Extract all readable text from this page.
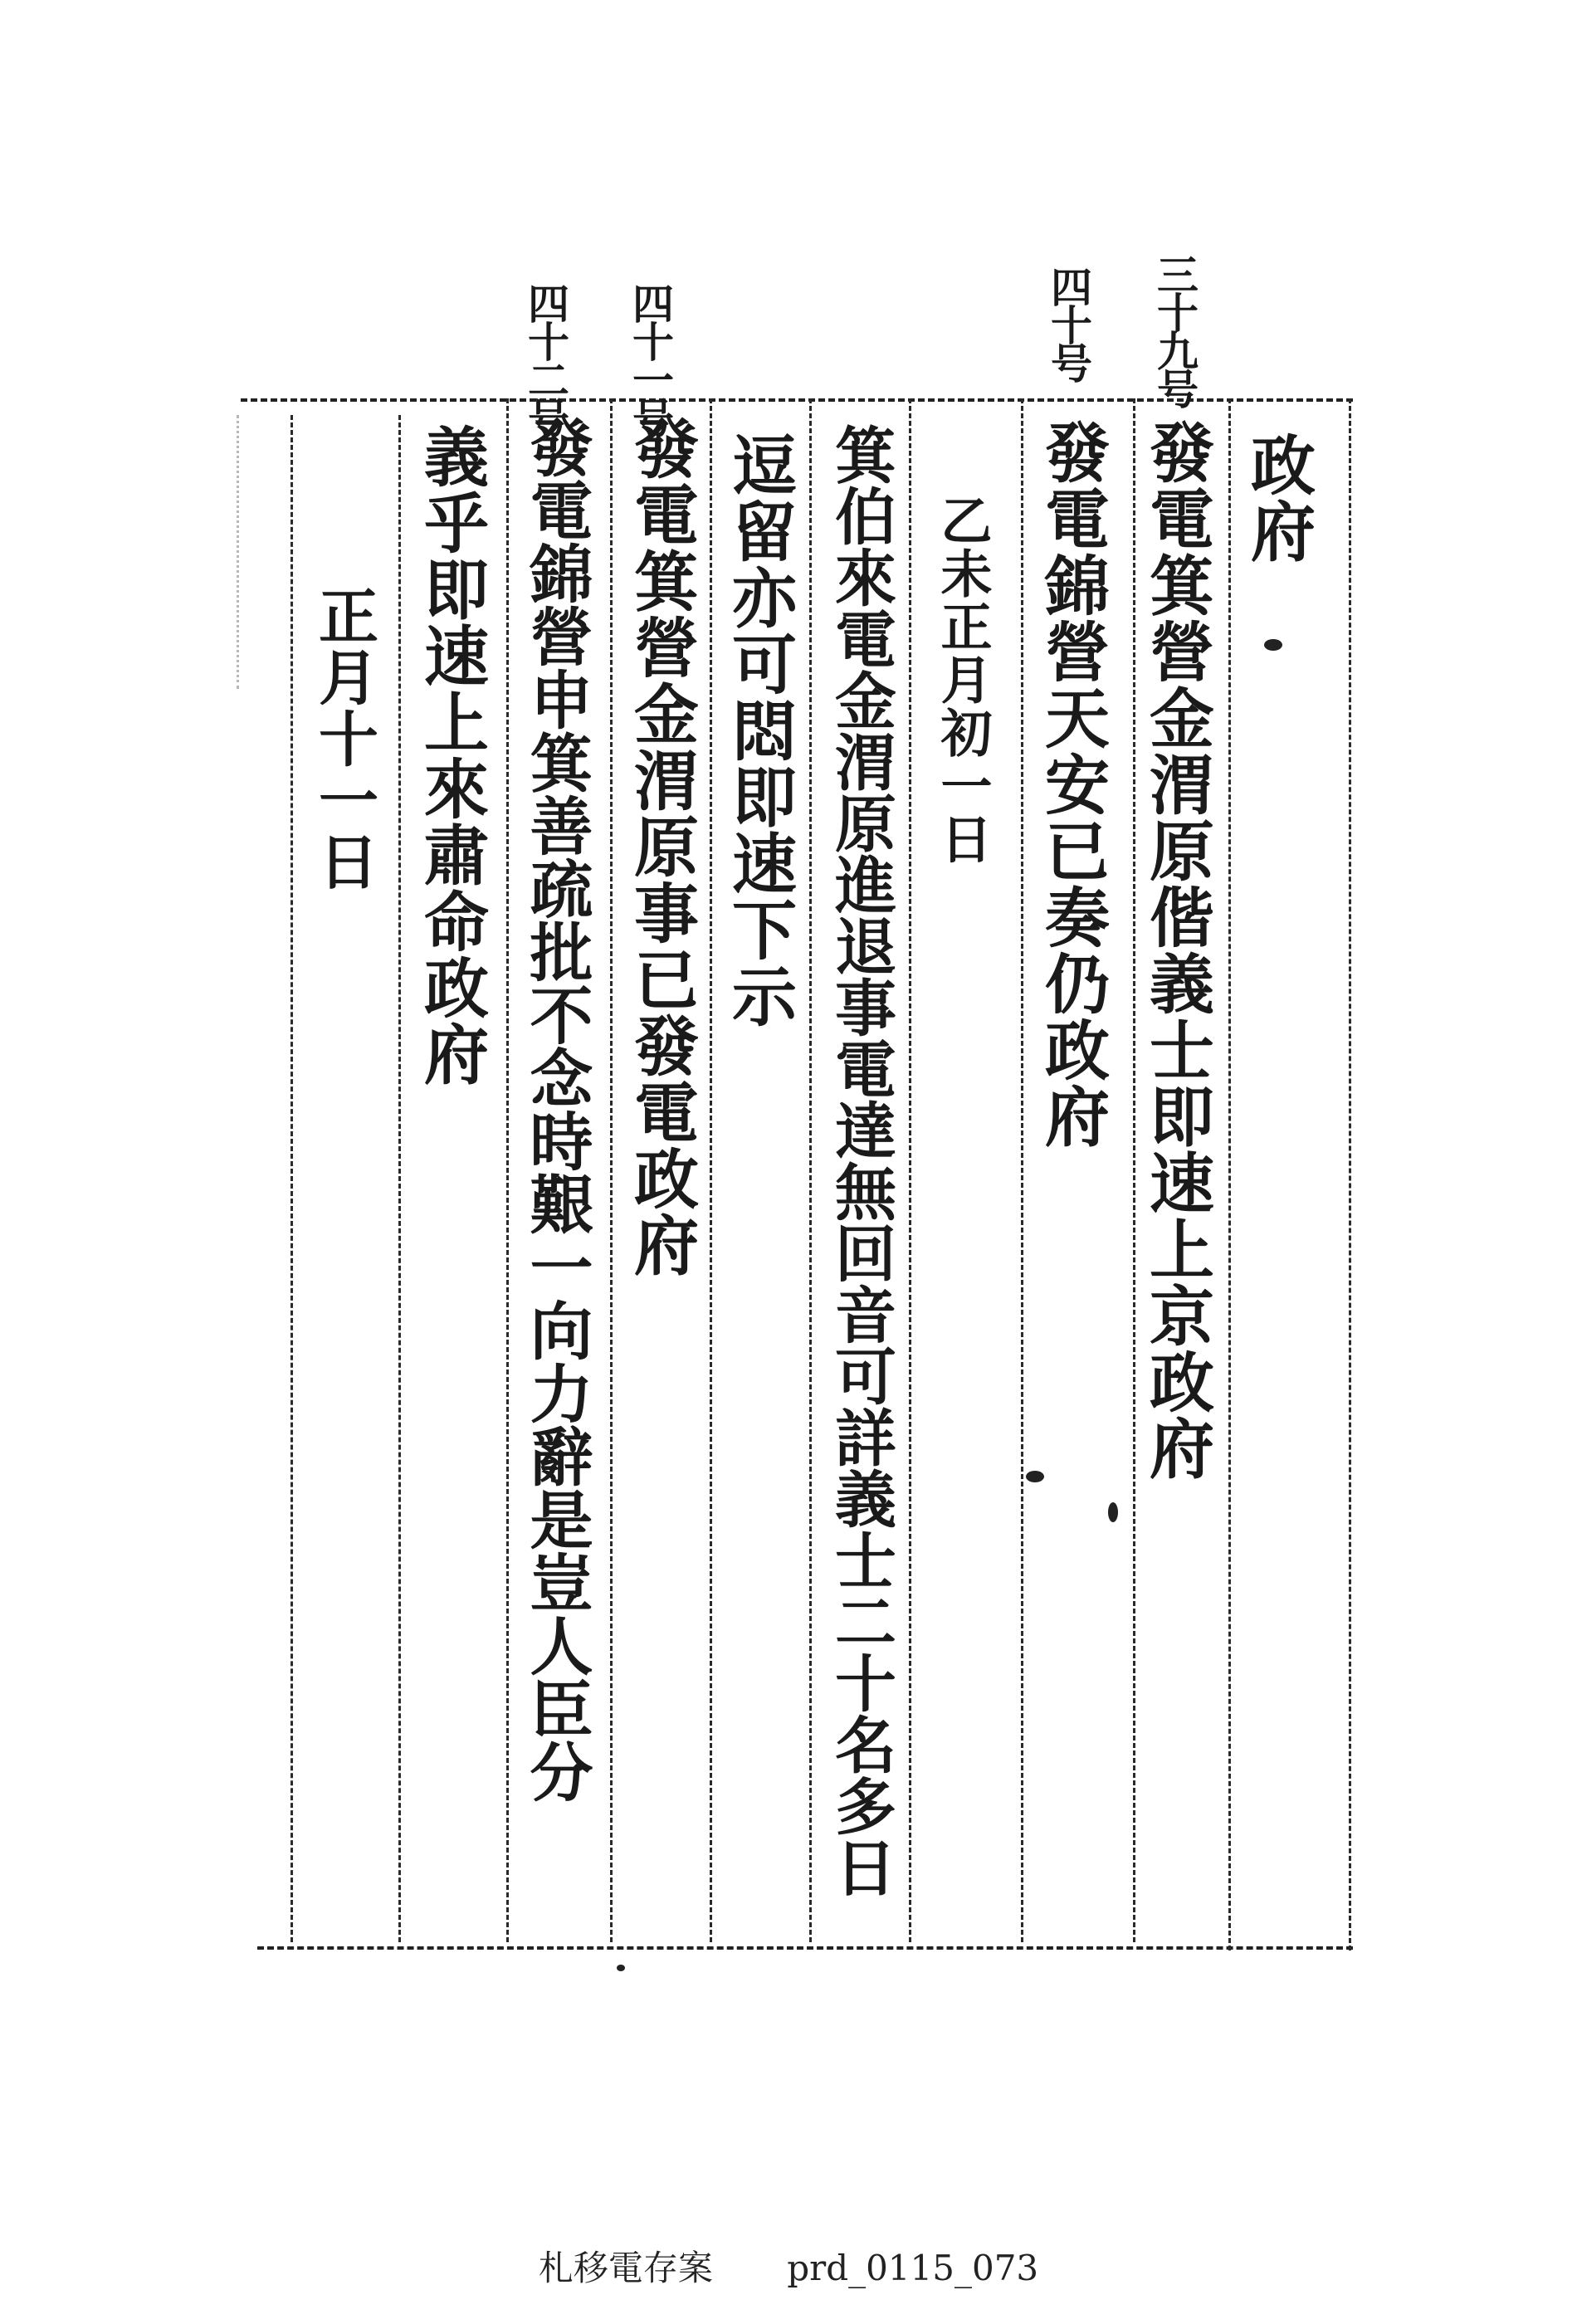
三十九号
四十号
四十一号
四十二号
政府
發電箕營金渭原偕義士即速上京政府
發電錦營天安已奏仍政府
乙未正月初一日
箕伯來電金渭原進退事電達無回音可詳義士二十名多日
逗留亦可悶即速下示
發電箕營金渭原事已發電政府
發電錦營申箕善疏批不念時艱一向力辭是豈人臣分
義乎即速上來肅命政府
正月十一日
札移電存案 prd_0115_073
